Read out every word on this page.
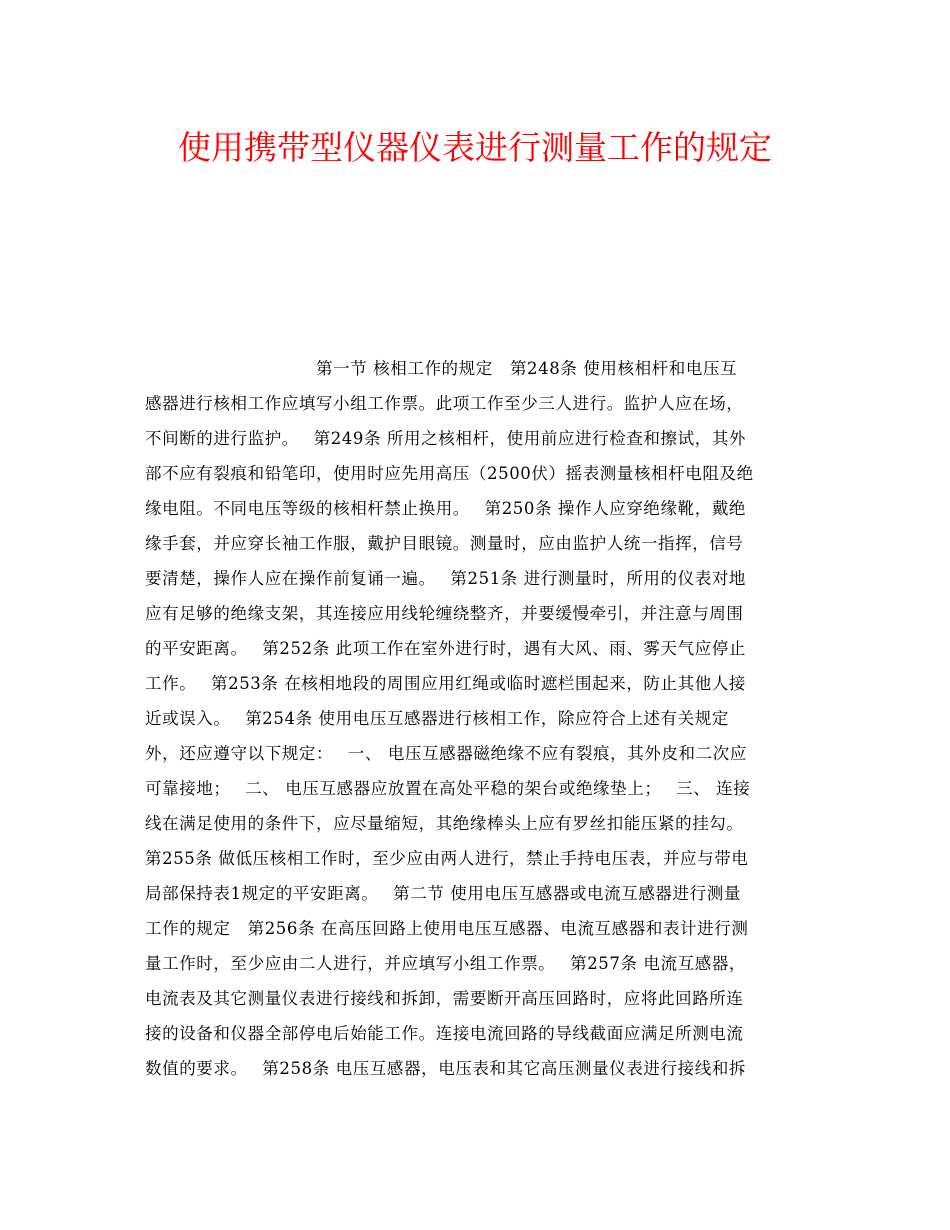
使用携带型仪器仪表进行测量工作的规定
　　　　　　　　　　第一节 核相工作的规定　第248条 使用核相杆和电压互
感器进行核相工作应填写小组工作票。此项工作至少三人进行。监护人应在场，
不间断的进行监护。　 第249条 所用之核相杆，使用前应进行检查和擦试，其外
部不应有裂痕和铅笔印，使用时应先用高压（2500伏）摇表测量核相杆电阻及绝
缘电阻。不同电压等级的核相杆禁止换用。　 第250条 操作人应穿绝缘靴，戴绝
缘手套，并应穿长袖工作服，戴护目眼镜。测量时，应由监护人统一指挥，信号
要清楚，操作人应在操作前复诵一遍。　 第251条 进行测量时，所用的仪表对地
应有足够的绝缘支架，其连接应用线轮缠绕整齐，并要缓慢牵引，并注意与周围
的平安距离。　 第252条 此项工作在室外进行时，遇有大风、雨、雾天气应停止
工作。　 第253条 在核相地段的周围应用红绳或临时遮栏围起来，防止其他人接
近或误入。　 第254条 使用电压互感器进行核相工作，除应符合上述有关规定
外，还应遵守以下规定：　 一、 电压互感器磁绝缘不应有裂痕，其外皮和二次应
可靠接地；　 二、 电压互感器应放置在高处平稳的架台或绝缘垫上；　 三、 连接
线在满足使用的条件下，应尽量缩短，其绝缘棒头上应有罗丝扣能压紧的挂勾。
第255条 做低压核相工作时，至少应由两人进行，禁止手持电压表，并应与带电
局部保持表1规定的平安距离。　 第二节 使用电压互感器或电流互感器进行测量
工作的规定　第256条 在高压回路上使用电压互感器、电流互感器和表计进行测
量工作时，至少应由二人进行，并应填写小组工作票。　 第257条 电流互感器，
电流表及其它测量仪表进行接线和拆卸，需要断开高压回路时，应将此回路所连
接的设备和仪器全部停电后始能工作。连接电流回路的导线截面应满足所测电流
数值的要求。　 第258条 电压互感器，电压表和其它高压测量仪表进行接线和拆
